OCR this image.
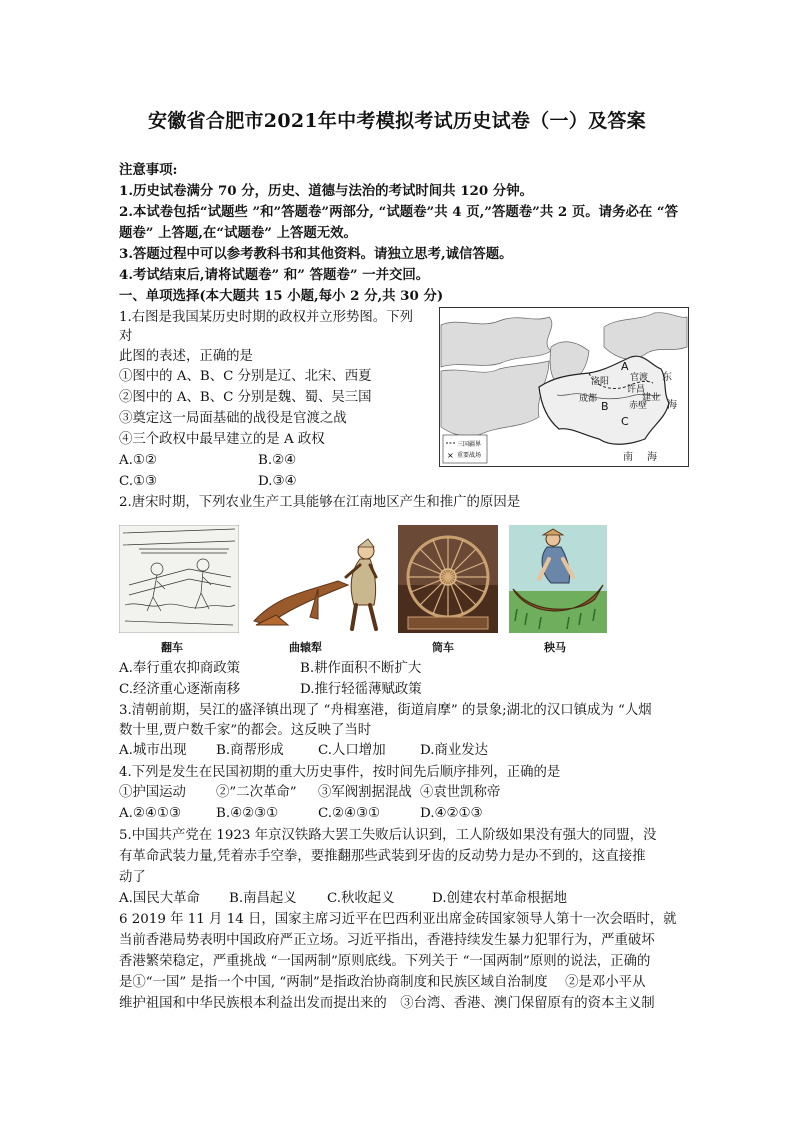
安徽省合肥市2021年中考模拟考试历史试卷（一）及答案
注意事项:
1.历史试卷满分 70 分，历史、道德与法治的考试时间共 120 分钟。
2.本试卷包括“试题些 ”和”答题卷”两部分, “试题卷”共 4 页,”答题卷”共 2 页。请务必在 “答
题卷” 上答题,在“试题卷” 上答题无效。
3.答题过程中可以参考教科书和其他资料。请独立思考,诚信答题。
4.考试结束后,请将试题卷” 和” 答题卷” 一并交回。
一、单项选择(本大题共 15 小题,每小 2 分,共 30 分)
1.右图是我国某历史时期的政权并立形势图。下列
对
此图的表述，正确的是
①图中的 A、B、C 分别是辽、北宋、西夏
②图中的 A、B、C 分别是魏、蜀、吴三国
③奠定这一局面基础的战役是官渡之战
④三个政权中最早建立的是 A 政权
A.①②	B.②④
C.①③	D.③④
洛阳
A
官渡 东
许昌
成都
B
建业
赤壁 海
C
南 海
三国疆界
× 重要战场
2.唐宋时期，下列农业生产工具能够在江南地区产生和推广的原因是
翻车	曲辕犁	筒车	秧马
A.奉行重农抑商政策	B.耕作面积不断扩大
C.经济重心逐渐南移	D.推行轻徭薄赋政策
3.清朝前期，吴江的盛泽镇出现了 “舟楫塞港，街道肩摩” 的景象;湖北的汉口镇成为 “人烟
数十里,贾户数千家”的都会。这反映了当时
A.城市出现 B.商帮形成	C.人口增加	D.商业发达
4.下列是发生在民国初期的重大历史事件，按时间先后顺序排列，正确的是
①护国运动 ②”二次革命” ③军阀割据混战 ④袁世凯称帝
A.②④①③	B.④②③①	C.②④③①	D.④②①③
5.中国共产党在 1923 年京汉铁路大罢工失败后认识到，工人阶级如果没有强大的同盟，没
有革命武装力量,凭着赤手空拳，要推翻那些武装到牙齿的反动势力是办不到的，这直接推
动了
A.国民大革命 B.南昌起义 C.秋收起义	D.创建农村革命根据地
6 2019 年 11 月 14 日，国家主席习近平在巴西利亚出席金砖国家领导人第十一次会晤时，就
当前香港局势表明中国政府严正立场。习近平指出，香港持续发生暴力犯罪行为，严重破坏
香港繁荣稳定，严重挑战 “一国两制”原则底线。下列关于 “一国两制”原则的说法，正确的
是①“一国” 是指一个中国, “两制”是指政治协商制度和民族区域自治制度　 ②是邓小平从
维护祖国和中华民族根本利益出发而提出来的　③台湾、香港、澳门保留原有的资本主义制
